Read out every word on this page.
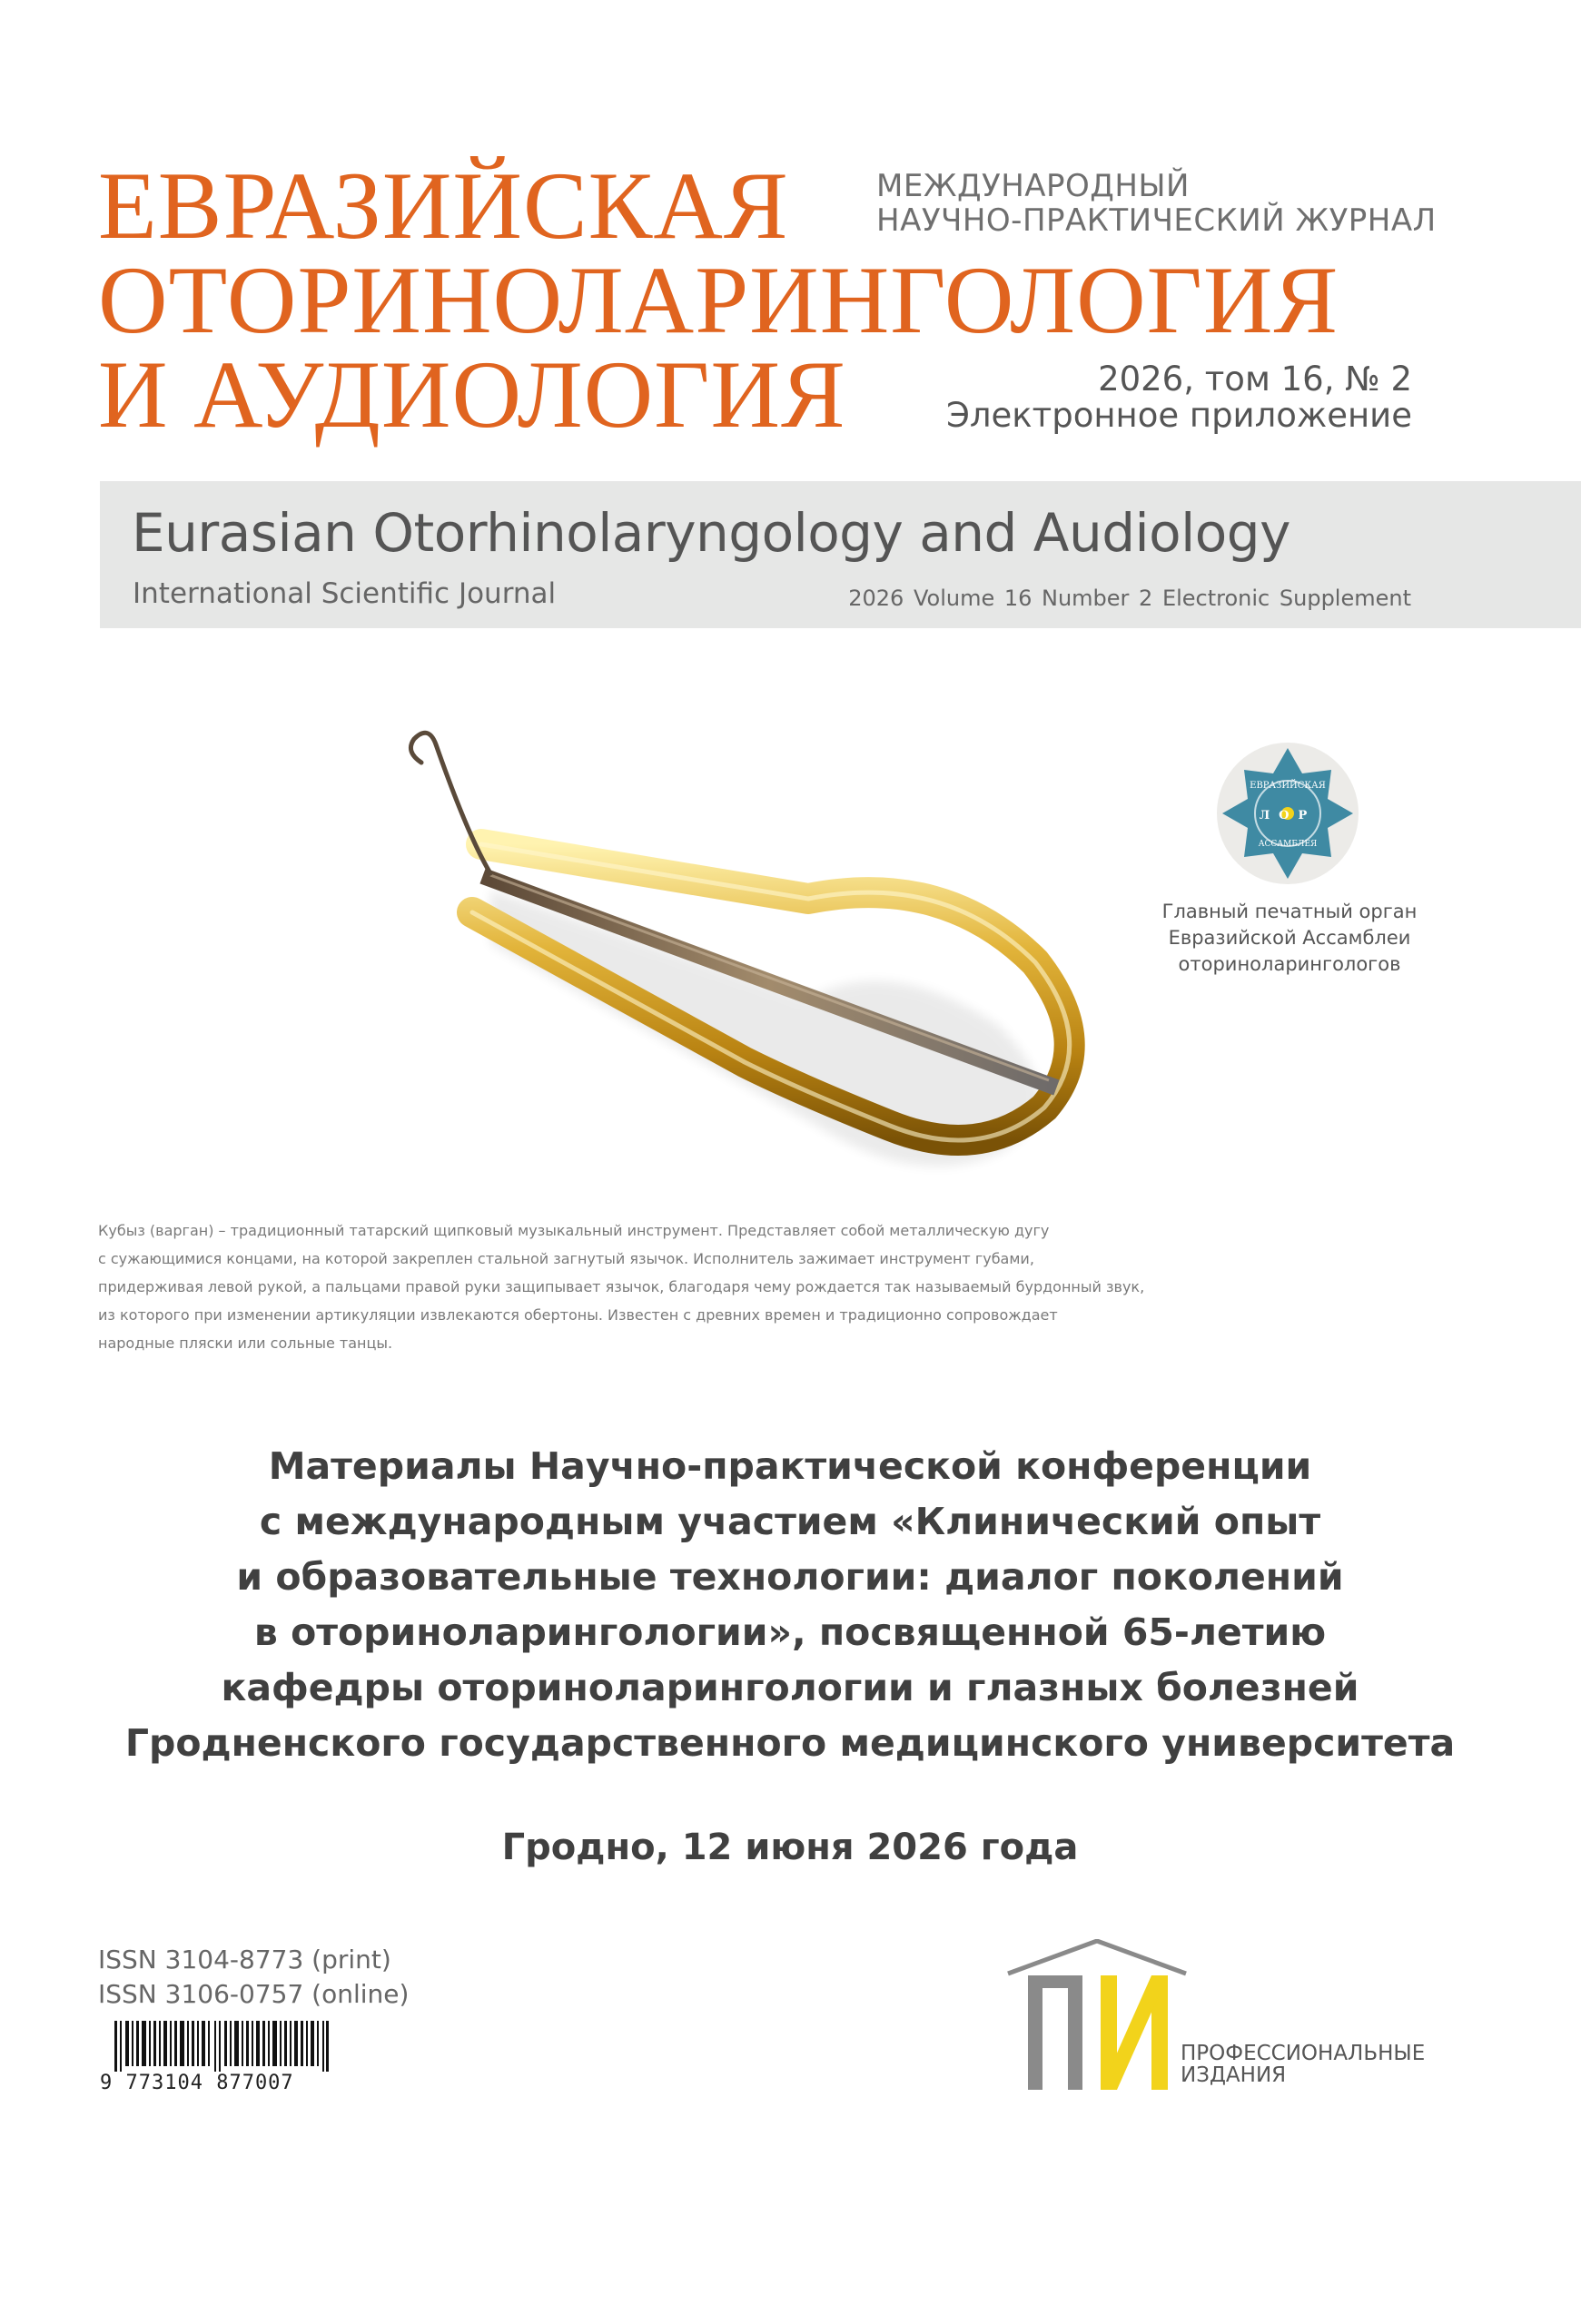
ЕВРАЗИЙСКАЯ
ОТОРИНОЛАРИНГОЛОГИЯ
И АУДИОЛОГИЯ
МЕЖДУНАРОДНЫЙ
НАУЧНО-ПРАКТИЧЕСКИЙ ЖУРНАЛ
2026, том 16, № 2
Электронное приложение
Eurasian Otorhinolaryngology and Audiology
International Scientific Journal	2026 Volume 16 Number 2 Electronic Supplement
ЕВРАЗИЙСКАЯ
ЛОР
АССАМБЛЕЯ
Главный печатный орган
Евразийской Ассамблеи
оториноларингологов
Кубыз (варган) – традиционный татарский щипковый музыкальный инструмент. Представляет собой металлическую дугу
с сужающимися концами, на которой закреплен стальной загнутый язычок. Исполнитель зажимает инструмент губами,
придерживая левой рукой, а пальцами правой руки защипывает язычок, благодаря чему рождается так называемый бурдонный звук,
из которого при изменении артикуляции извлекаются обертоны. Известен с древних времен и традиционно сопровождает
народные пляски или сольные танцы.
Материалы Научно-практической конференции
с международным участием «Клинический опыт
и образовательные технологии: диалог поколений
в оториноларингологии», посвященной 65-летию
кафедры оториноларингологии и глазных болезней
Гродненского государственного медицинского университета
Гродно, 12 июня 2026 года
ISSN 3104-8773 (print)
ISSN 3106-0757 (online)
9 773104 877007
ПИ
ПРОФЕССИОНАЛЬНЫЕ
ИЗДАНИЯ
